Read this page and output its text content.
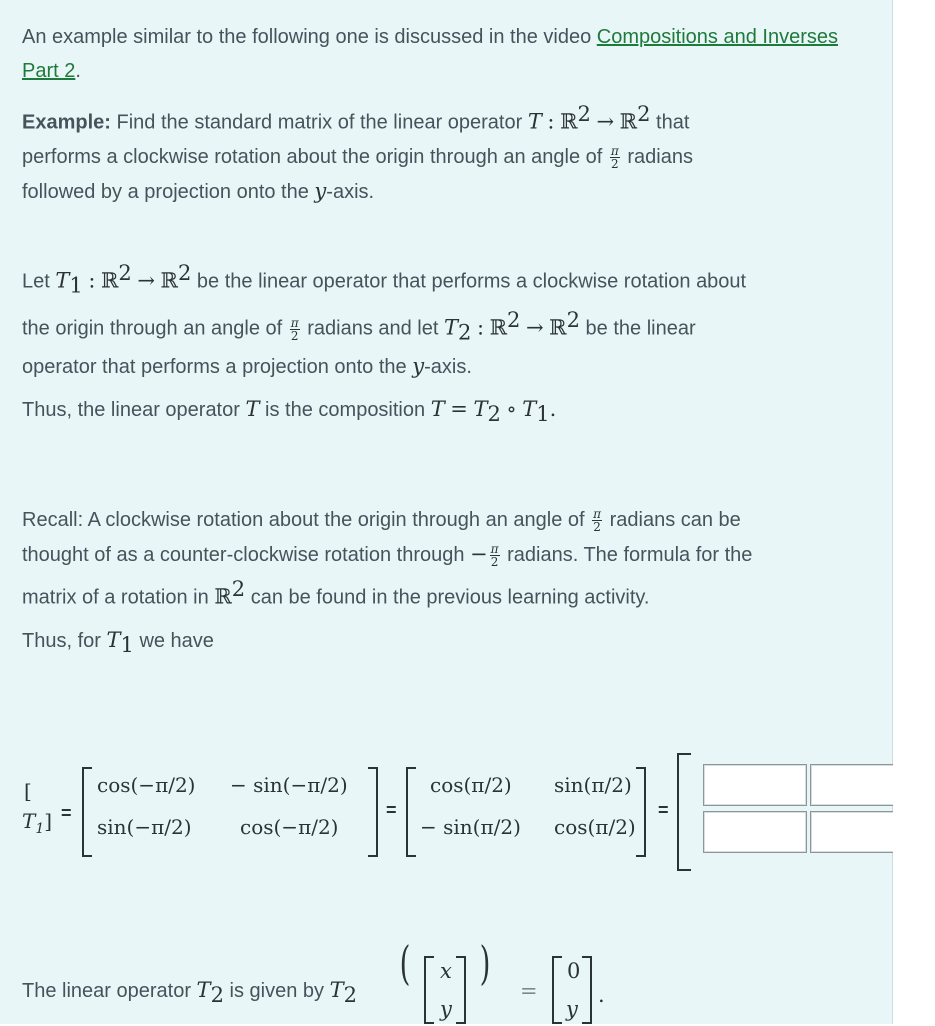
An example similar to the following one is discussed in the video Compositions and Inverses Part 2.
Example: Find the standard matrix of the linear operator T : ℝ$^2$ → ℝ$^2$ that
performs a clockwise rotation about the origin through an angle of $\frac{\pi}{2}$ radians
followed by a projection onto the y-axis.
Let $T_1$ : ℝ$^2$ → ℝ$^2$ be the linear operator that performs a clockwise rotation about
the origin through an angle of $\frac{\pi}{2}$ radians and let $T_2$ : ℝ$^2$ → ℝ$^2$ be the linear
operator that performs a projection onto the y-axis.
Thus, the linear operator T is the composition $T = T_2$ ∘ $T_1$.
Recall: A clockwise rotation about the origin through an angle of $\frac{\pi}{2}$ radians can be
thought of as a counter-clockwise rotation through − $\frac{\pi}{2}$ radians. The formula for the
matrix of a rotation in ℝ$^2$ can be found in the previous learning activity.
Thus, for $T_1$ we have
[
$T_1$] =
cos(−π/2) − sin(−π/2)
sin(−π/2) cos(−π/2)
=
cos(π/2) sin(π/2)
− sin(π/2) cos(π/2)
=
The linear operator $T_2$ is given by $T_2$
( x
y
)
=
0
y
.
